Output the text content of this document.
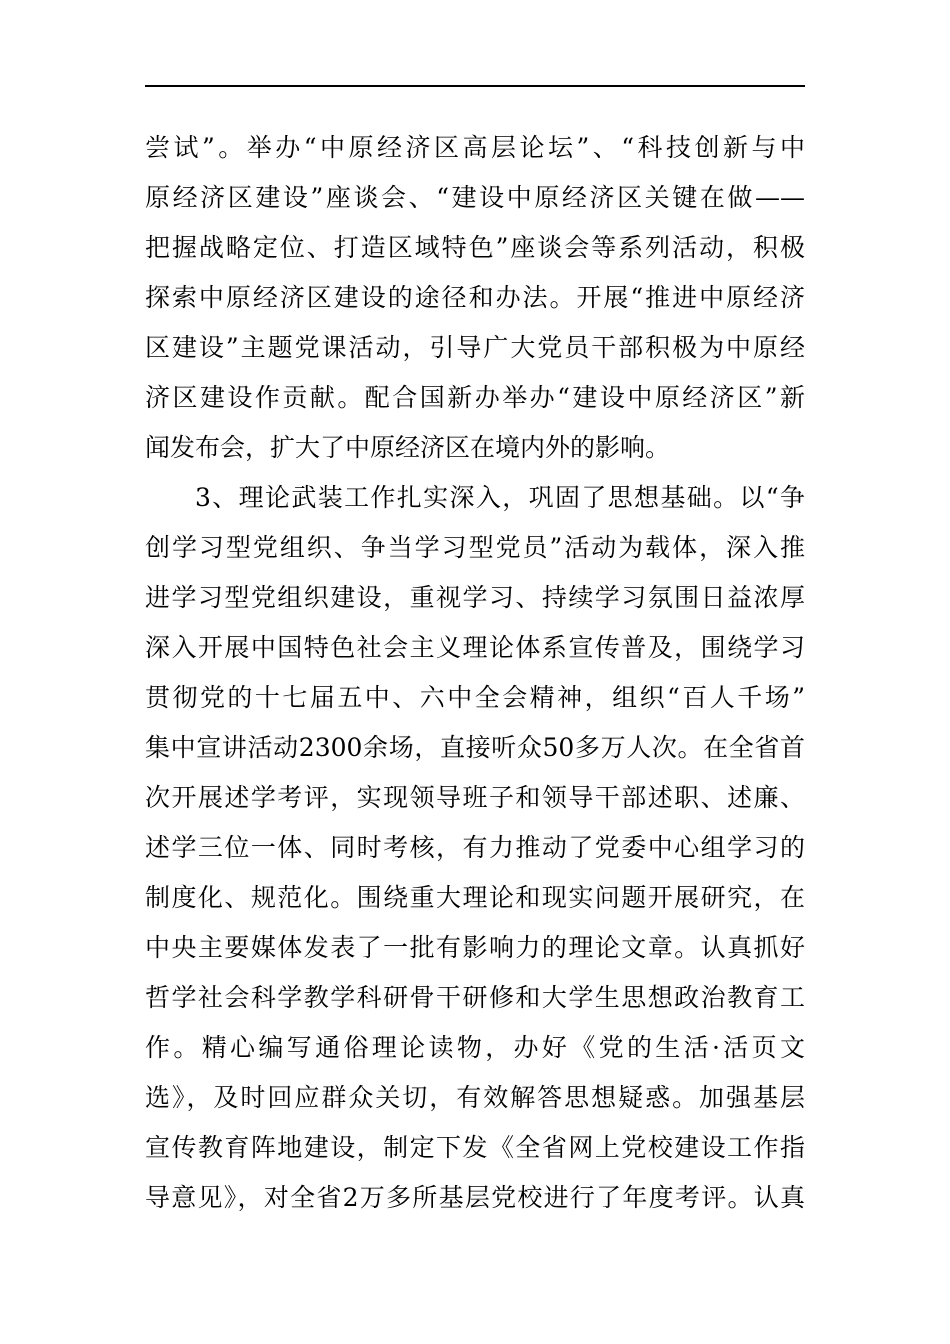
尝试”。举办“中原经济区高层论坛”、“科技创新与中
原经济区建设”座谈会、“建设中原经济区关键在做——
把握战略定位、打造区域特色”座谈会等系列活动，积极
探索中原经济区建设的途径和办法。开展“推进中原经济
区建设”主题党课活动，引导广大党员干部积极为中原经
济区建设作贡献。配合国新办举办“建设中原经济区”新
闻发布会，扩大了中原经济区在境内外的影响。
3、理论武装工作扎实深入，巩固了思想基础。以“争
创学习型党组织、争当学习型党员”活动为载体，深入推
进学习型党组织建设，重视学习、持续学习氛围日益浓厚
深入开展中国特色社会主义理论体系宣传普及，围绕学习
贯彻党的十七届五中、六中全会精神，组织“百人千场”
集中宣讲活动2300余场，直接听众50多万人次。在全省首
次开展述学考评，实现领导班子和领导干部述职、述廉、
述学三位一体、同时考核，有力推动了党委中心组学习的
制度化、规范化。围绕重大理论和现实问题开展研究，在
中央主要媒体发表了一批有影响力的理论文章。认真抓好
哲学社会科学教学科研骨干研修和大学生思想政治教育工
作。精心编写通俗理论读物，办好《党的生活·活页文
选》，及时回应群众关切，有效解答思想疑惑。加强基层
宣传教育阵地建设，制定下发《全省网上党校建设工作指
导意见》，对全省2万多所基层党校进行了年度考评。认真
